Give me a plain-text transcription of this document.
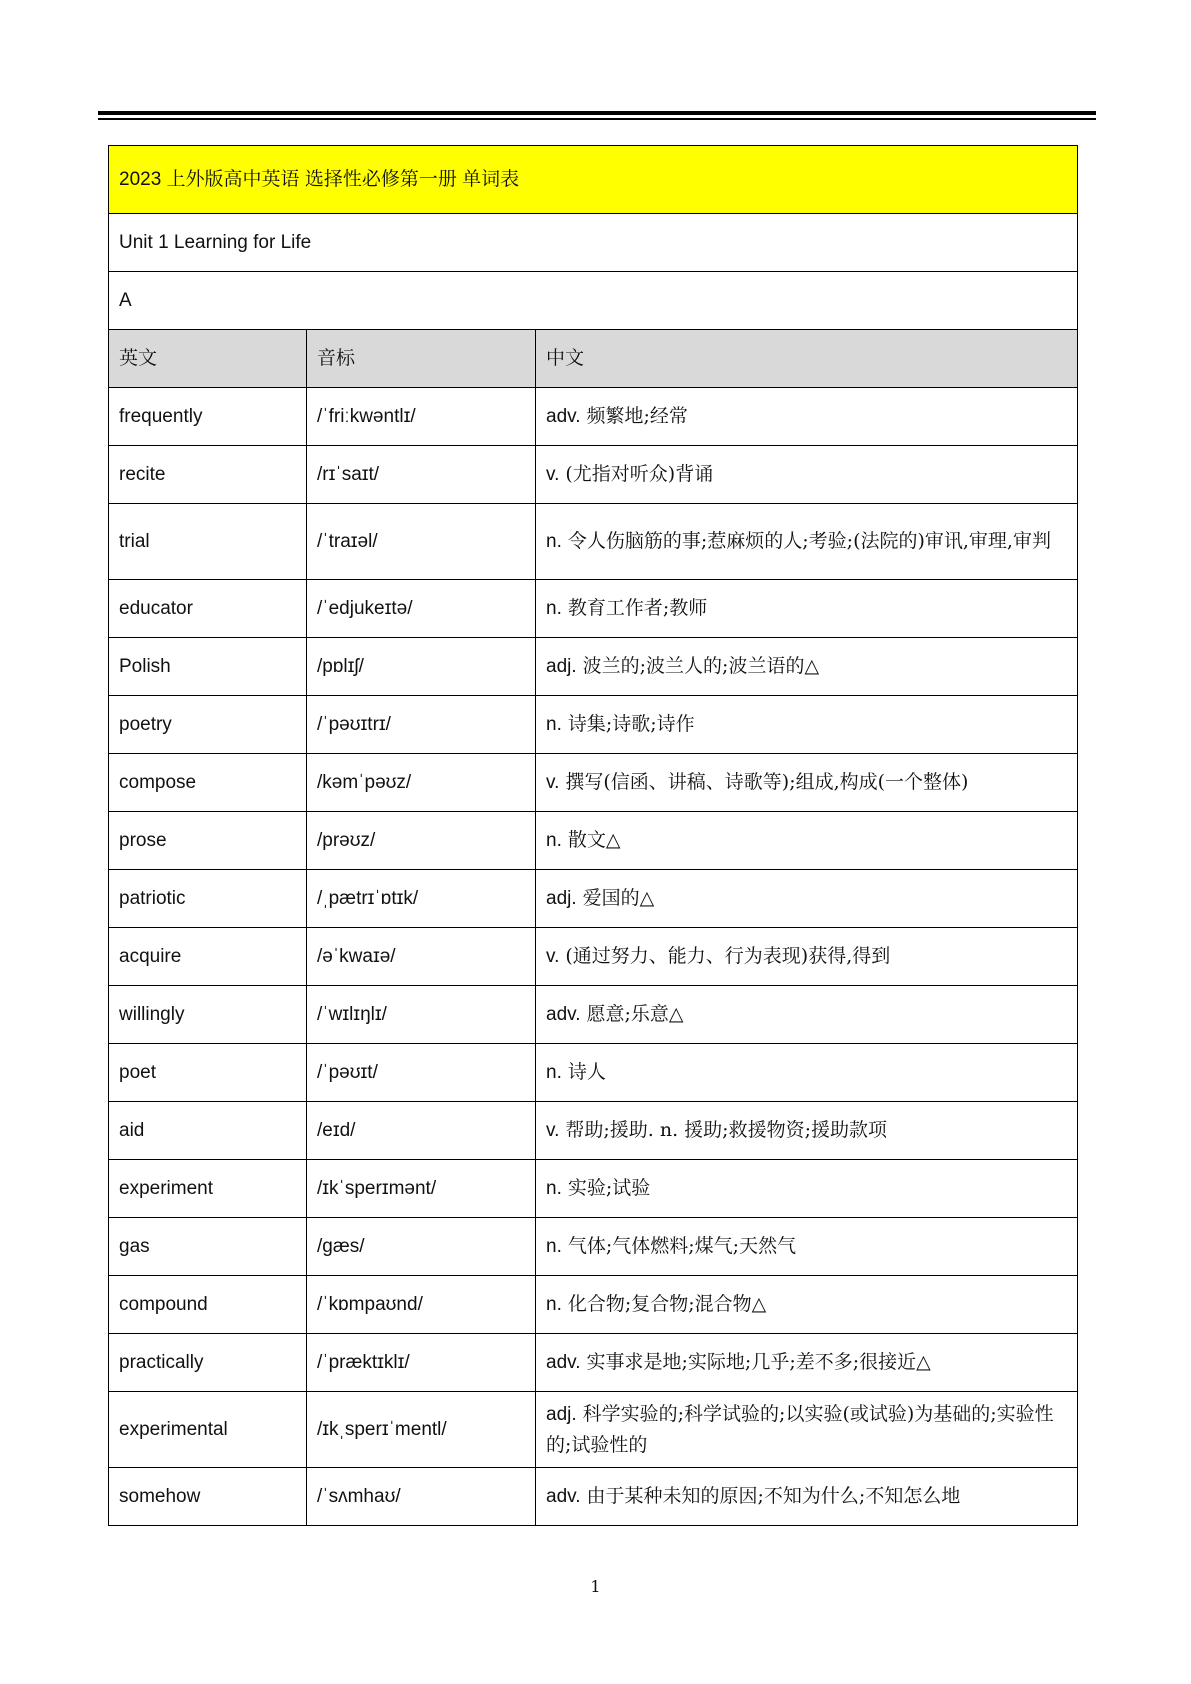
2023 上外版高中英语 选择性必修第一册 单词表		
Unit 1 Learning for Life		
A		
英文	音标	中文
frequently	/ˈfriːkwəntlɪ/	adv. 频繁地;经常
recite	/rɪˈsaɪt/	v. (尤指对听众)背诵
trial	/ˈtraɪəl/	n. 令人伤脑筋的事;惹麻烦的人;考验;(法院的)审讯,审理,审判
educator	/ˈedjukeɪtə/	n. 教育工作者;教师
Polish	/pɒlɪʃ/	adj. 波兰的;波兰人的;波兰语的△
poetry	/ˈpəʊɪtrɪ/	n. 诗集;诗歌;诗作
compose	/kəmˈpəʊz/	v. 撰写(信函、讲稿、诗歌等);组成,构成(一个整体)
prose	/prəʊz/	n. 散文△
patriotic	/ˌpætrɪˈɒtɪk/	adj. 爱国的△
acquire	/əˈkwaɪə/	v. (通过努力、能力、行为表现)获得,得到
willingly	/ˈwɪlɪŋlɪ/	adv. 愿意;乐意△
poet	/ˈpəʊɪt/	n. 诗人
aid	/eɪd/	v. 帮助;援助. n. 援助;救援物资;援助款项
experiment	/ɪkˈsperɪmənt/	n. 实验;试验
gas	/gæs/	n. 气体;气体燃料;煤气;天然气
compound	/ˈkɒmpaʊnd/	n. 化合物;复合物;混合物△
practically	/ˈpræktɪklɪ/	adv. 实事求是地;实际地;几乎;差不多;很接近△
experimental	/ɪkˌsperɪˈmentl/	adj. 科学实验的;科学试验的;以实验(或试验)为基础的;实验性的;试验性的
somehow	/ˈsʌmhaʊ/	adv. 由于某种未知的原因;不知为什么;不知怎么地
1
